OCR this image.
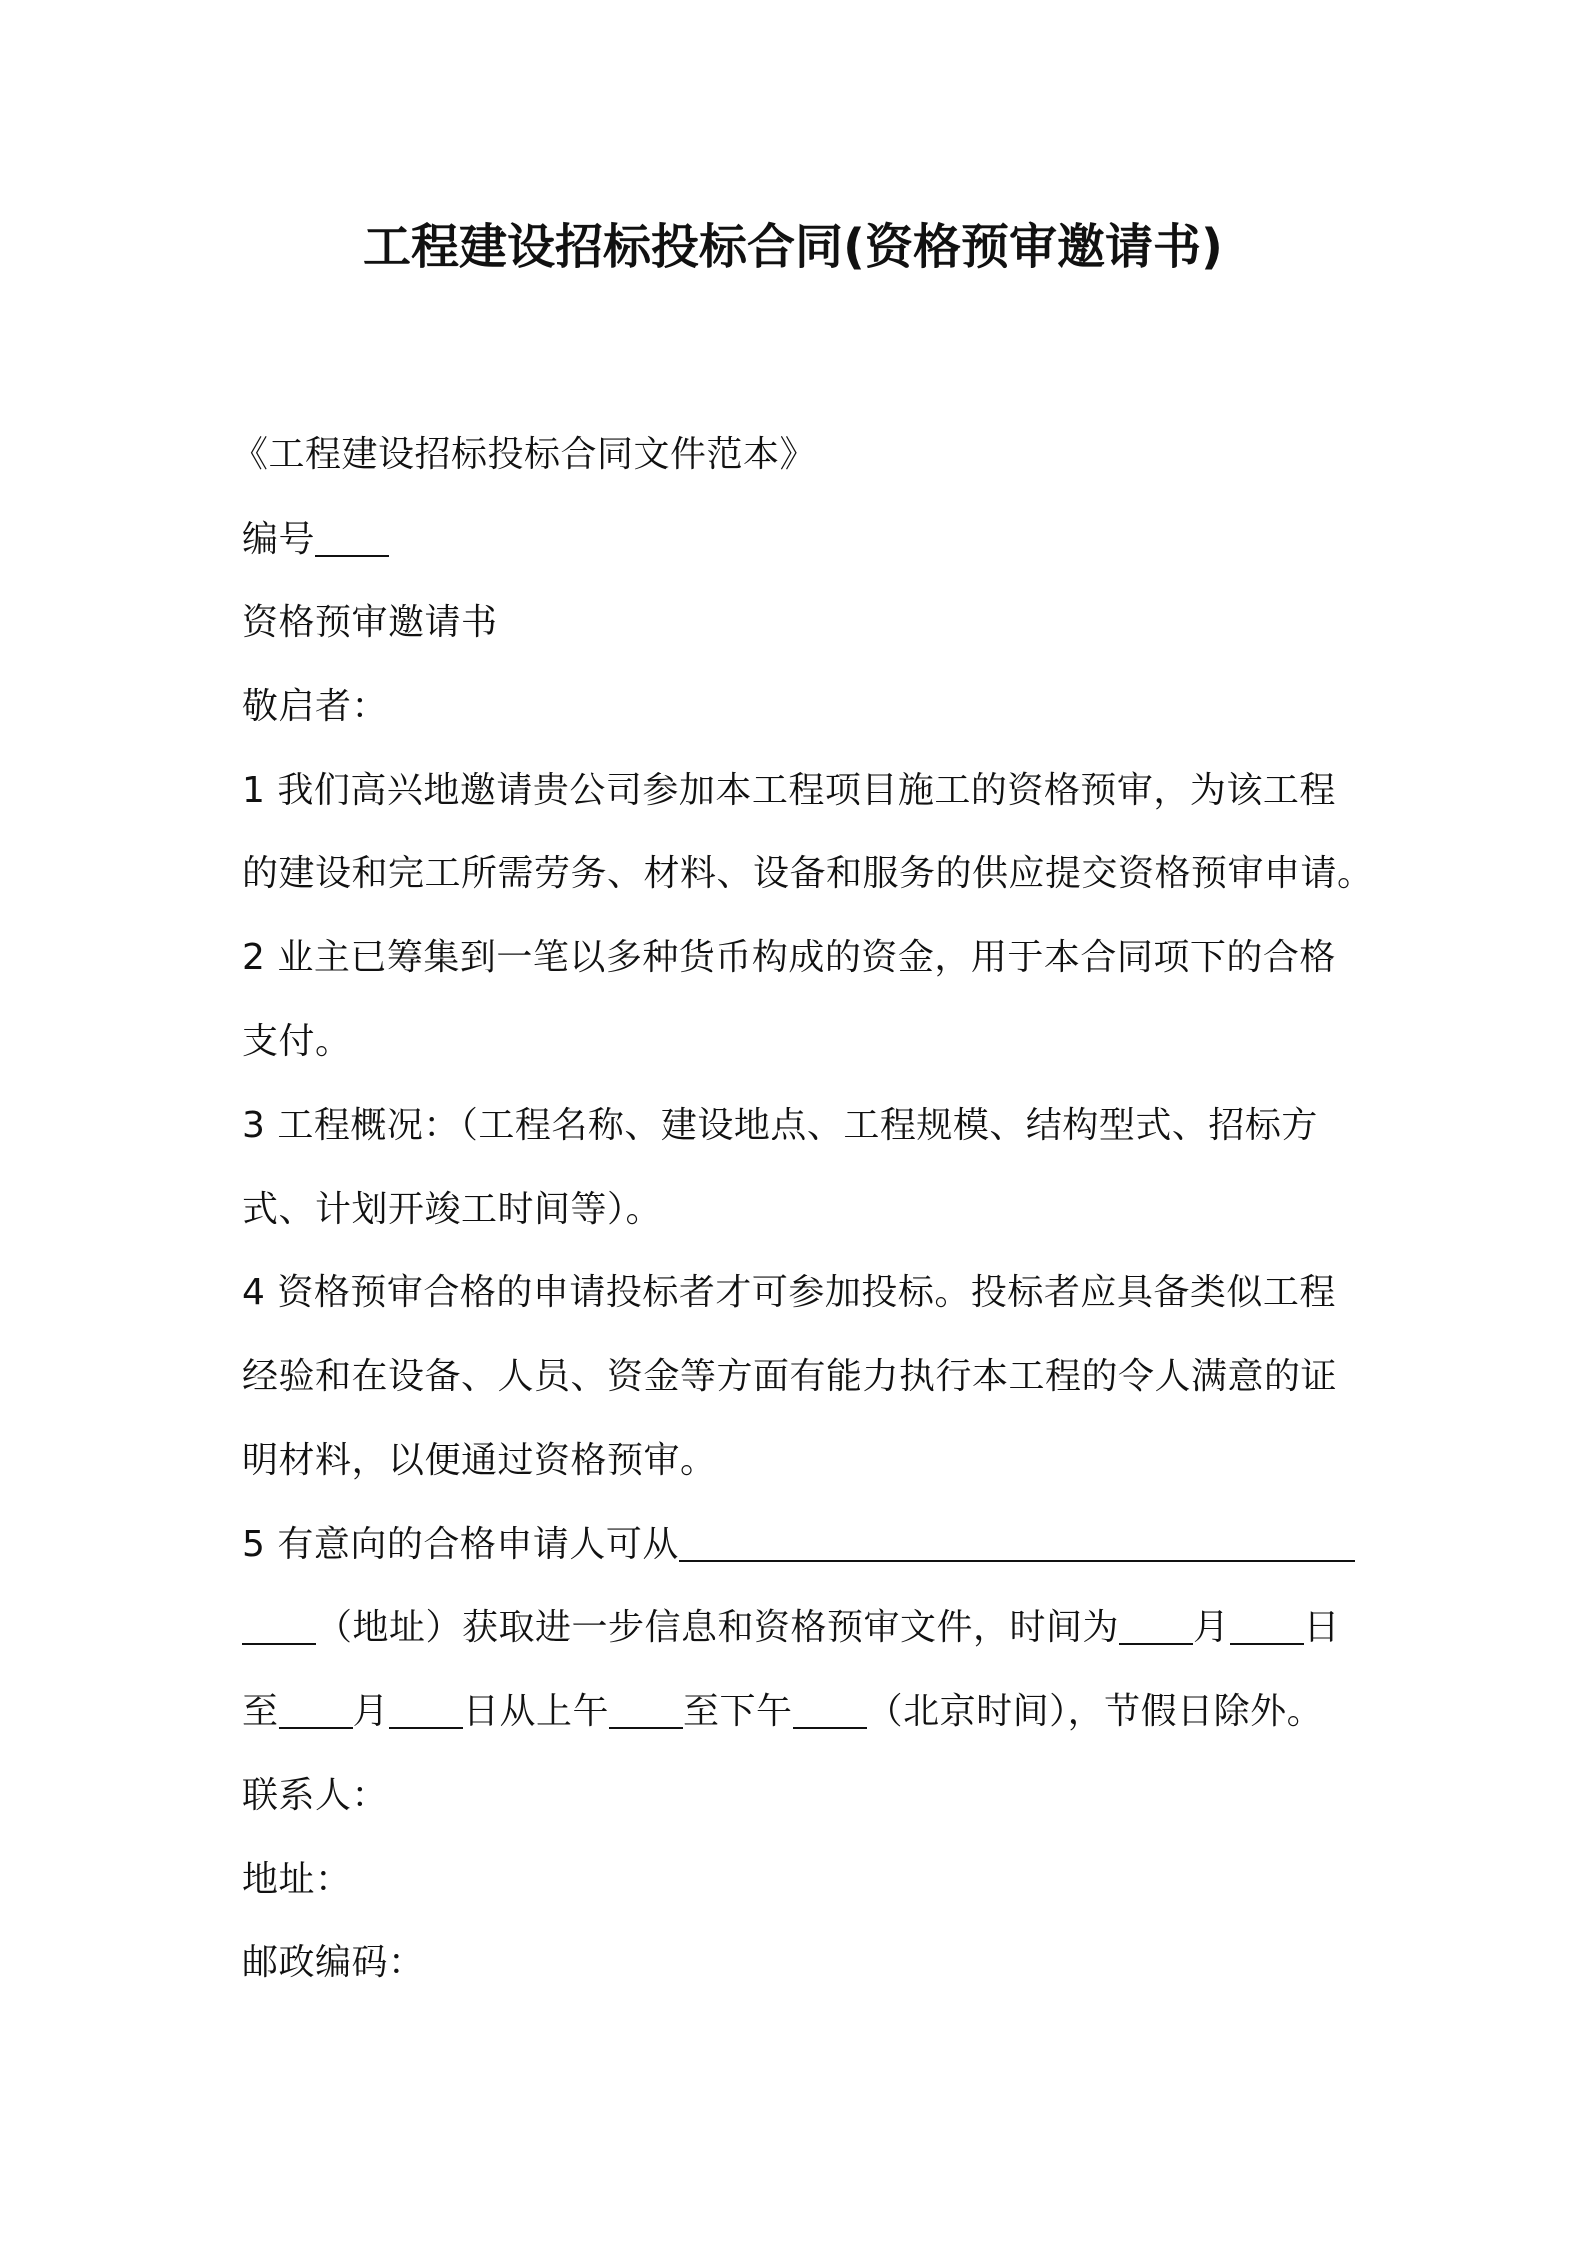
工程建设招标投标合同(资格预审邀请书)
《工程建设招标投标合同文件范本》
编号
资格预审邀请书
敬启者：
1 我们高兴地邀请贵公司参加本工程项目施工的资格预审，为该工程
的建设和完工所需劳务、材料、设备和服务的供应提交资格预审申请。
2 业主已筹集到一笔以多种货币构成的资金，用于本合同项下的合格
支付。
3 工程概况：（工程名称、建设地点、工程规模、结构型式、招标方
式、计划开竣工时间等）。
4 资格预审合格的申请投标者才可参加投标。投标者应具备类似工程
经验和在设备、人员、资金等方面有能力执行本工程的令人满意的证
明材料，以便通过资格预审。
5 有意向的合格申请人可从
（地址）获取进一步信息和资格预审文件，时间为 月 日
至 月 日从上午 至下午 （北京时间），节假日除外。
联系人：
地址：
邮政编码：
